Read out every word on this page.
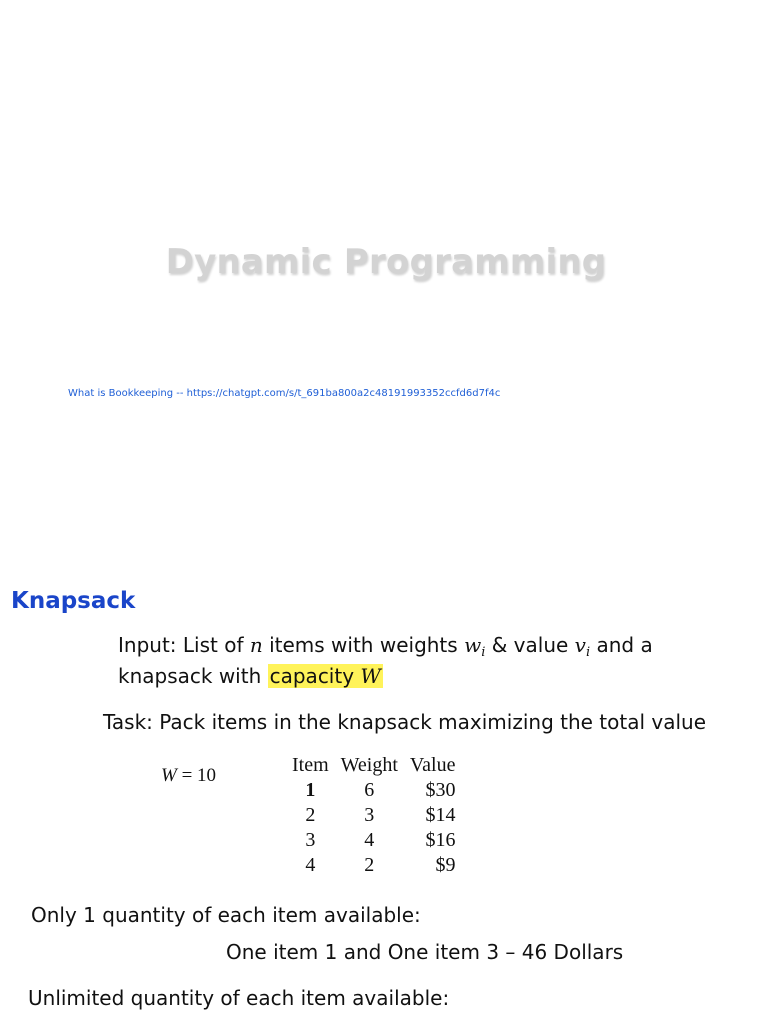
Dynamic Programming
What is Bookkeeping -- https://chatgpt.com/s/t_691ba800a2c48191993352ccfd6d7f4c
Knapsack
Input: List of n items with weights $w_i$ & value $v_i$ and a
knapsack with capacity W
Task: Pack items in the knapsack maximizing the total value
W = 10	Item	Weight	Value
1	6	$30
2	3	$14
3	4	$16
4	2	$9
Only 1 quantity of each item available:
One item 1 and One item 3 – 46 Dollars
Unlimited quantity of each item available:
